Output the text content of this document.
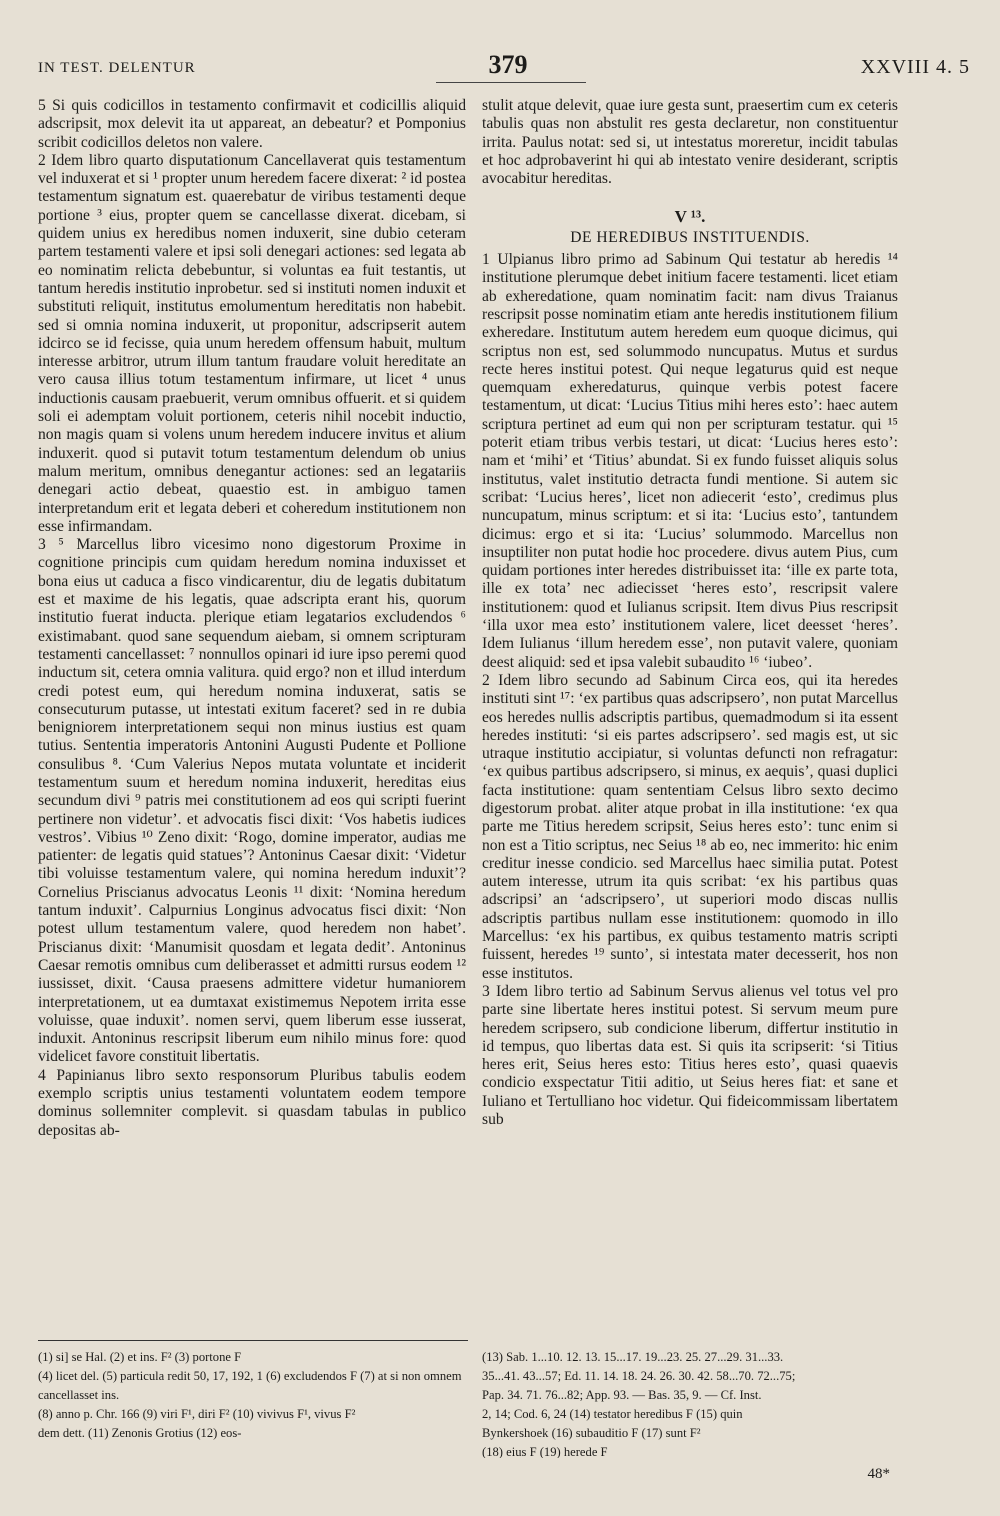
IN TEST. DELENTUR	379	XXVIII 4. 5

5 Si quis codicillos in testamento confirmavit et codicillis aliquid adscripsit, mox delevit ita ut appareat, an debeatur? et Pomponius scribit codicillos deletos non valere.

2 Idem libro quarto disputationum Cancellaverat quis testamentum vel induxerat et si ¹ propter unum heredem facere dixerat: ² id postea testamentum signatum est. quaerebatur de viribus testamenti deque portione ³ eius, propter quem se cancellasse dixerat. dicebam, si quidem unius ex heredibus nomen induxerit, sine dubio ceteram partem testamenti valere et ipsi soli denegari actiones: sed legata ab eo nominatim relicta debebuntur, si voluntas ea fuit testantis, ut tantum heredis institutio inprobetur. sed si instituti nomen induxit et substituti reliquit, institutus emolumentum hereditatis non habebit. sed si omnia nomina induxerit, ut proponitur, adscripserit autem idcirco se id fecisse, quia unum heredem offensum habuit, multum interesse arbitror, utrum illum tantum fraudare voluit hereditate an vero causa illius totum testamentum infirmare, ut licet ⁴ unus inductionis causam praebuerit, verum omnibus offuerit. et si quidem soli ei ademptam voluit portionem, ceteris nihil nocebit inductio, non magis quam si volens unum heredem inducere invitus et alium induxerit. quod si putavit totum testamentum delendum ob unius malum meritum, omnibus denegantur actiones: sed an legatariis denegari actio debeat, quaestio est. in ambiguo tamen interpretandum erit et legata deberi et coheredum institutionem non esse infirmandam.

3 ⁵ Marcellus libro vicesimo nono digestorum Proxime in cognitione principis cum quidam heredum nomina induxisset et bona eius ut caduca a fisco vindicarentur, diu de legatis dubitatum est et maxime de his legatis, quae adscripta erant his, quorum institutio fuerat inducta. plerique etiam legatarios excludendos ⁶ existimabant. quod sane sequendum aiebam, si omnem scripturam testamenti cancellasset: ⁷ nonnullos opinari id iure ipso peremi quod inductum sit, cetera omnia valitura. quid ergo? non et illud interdum credi potest eum, qui heredum nomina induxerat, satis se consecuturum putasse, ut intestati exitum faceret? sed in re dubia benigniorem interpretationem sequi non minus iustius est quam tutius. Sententia imperatoris Antonini Augusti Pudente et Pollione consulibus ⁸. ‘Cum Valerius Nepos mutata voluntate et inciderit testamentum suum et heredum nomina induxerit, hereditas eius secundum divi ⁹ patris mei constitutionem ad eos qui scripti fuerint pertinere non videtur’. et advocatis fisci dixit: ‘Vos habetis iudices vestros’. Vibius ¹⁰ Zeno dixit: ‘Rogo, domine imperator, audias me patienter: de legatis quid statues’? Antoninus Caesar dixit: ‘Videtur tibi voluisse testamentum valere, qui nomina heredum induxit’? Cornelius Priscianus advocatus Leonis ¹¹ dixit: ‘Nomina heredum tantum induxit’. Calpurnius Longinus advocatus fisci dixit: ‘Non potest ullum testamentum valere, quod heredem non habet’. Priscianus dixit: ‘Manumisit quosdam et legata dedit’. Antoninus Caesar remotis omnibus cum deliberasset et admitti rursus eodem ¹² iussisset, dixit. ‘Causa praesens admittere videtur humaniorem interpretationem, ut ea dumtaxat existimemus Nepotem irrita esse voluisse, quae induxit’. nomen servi, quem liberum esse iusserat, induxit. Antoninus rescripsit liberum eum nihilo minus fore: quod videlicet favore constituit libertatis.

4 Papinianus libro sexto responsorum Pluribus tabulis eodem exemplo scriptis unius testamenti voluntatem eodem tempore dominus sollemniter complevit. si quasdam tabulas in publico depositas ab-

stulit atque delevit, quae iure gesta sunt, praesertim cum ex ceteris tabulis quas non abstulit res gesta declaretur, non constituentur irrita. Paulus notat: sed si, ut intestatus moreretur, incidit tabulas et hoc adprobaverint hi qui ab intestato venire desiderant, scriptis avocabitur hereditas.

V ¹³.
DE HEREDIBUS INSTITUENDIS.

1 Ulpianus libro primo ad Sabinum Qui testatur ab heredis ¹⁴ institutione plerumque debet initium facere testamenti. licet etiam ab exheredatione, quam nominatim facit: nam divus Traianus rescripsit posse nominatim etiam ante heredis institutionem filium exheredare. Institutum autem heredem eum quoque dicimus, qui scriptus non est, sed solummodo nuncupatus. Mutus et surdus recte heres institui potest. Qui neque legaturus quid est neque quemquam exheredaturus, quinque verbis potest facere testamentum, ut dicat: ‘Lucius Titius mihi heres esto’: haec autem scriptura pertinet ad eum qui non per scripturam testatur. qui ¹⁵ poterit etiam tribus verbis testari, ut dicat: ‘Lucius heres esto’: nam et ‘mihi’ et ‘Titius’ abundat. Si ex fundo fuisset aliquis solus institutus, valet institutio detracta fundi mentione. Si autem sic scribat: ‘Lucius heres’, licet non adiecerit ‘esto’, credimus plus nuncupatum, minus scriptum: et si ita: ‘Lucius esto’, tantundem dicimus: ergo et si ita: ‘Lucius’ solummodo. Marcellus non insuptiliter non putat hodie hoc procedere. divus autem Pius, cum quidam portiones inter heredes distribuisset ita: ‘ille ex parte tota, ille ex tota’ nec adiecisset ‘heres esto’, rescripsit valere institutionem: quod et Iulianus scripsit. Item divus Pius rescripsit ‘illa uxor mea esto’ institutionem valere, licet deesset ‘heres’. Idem Iulianus ‘illum heredem esse’, non putavit valere, quoniam deest aliquid: sed et ipsa valebit subaudito ¹⁶ ‘iubeo’.

2 Idem libro secundo ad Sabinum Circa eos, qui ita heredes instituti sint ¹⁷: ‘ex partibus quas adscripsero’, non putat Marcellus eos heredes nullis adscriptis partibus, quemadmodum si ita essent heredes instituti: ‘si eis partes adscripsero’. sed magis est, ut sic utraque institutio accipiatur, si voluntas defuncti non refragatur: ‘ex quibus partibus adscripsero, si minus, ex aequis’, quasi duplici facta institutione: quam sententiam Celsus libro sexto decimo digestorum probat. aliter atque probat in illa institutione: ‘ex qua parte me Titius heredem scripsit, Seius heres esto’: tunc enim si non est a Titio scriptus, nec Seius ¹⁸ ab eo, nec immerito: hic enim creditur inesse condicio. sed Marcellus haec similia putat. Potest autem interesse, utrum ita quis scribat: ‘ex his partibus quas adscripsi’ an ‘adscripsero’, ut superiori modo discas nullis adscriptis partibus nullam esse institutionem: quomodo in illo Marcellus: ‘ex his partibus, ex quibus testamento matris scripti fuissent, heredes ¹⁹ sunto’, si intestata mater decesserit, hos non esse institutos.

3 Idem libro tertio ad Sabinum Servus alienus vel totus vel pro parte sine libertate heres institui potest. Si servum meum pure heredem scripsero, sub condicione liberum, differtur institutio in id tempus, quo libertas data est. Si quis ita scripserit: ‘si Titius heres erit, Seius heres esto: Titius heres esto’, quasi quaevis condicio exspectatur Titii aditio, ut Seius heres fiat: et sane et Iuliano et Tertulliano hoc videtur. Qui fideicommissam libertatem sub

(1) si] se Hal. (2) et ins. F² (3) portone F

(4) licet del. (5) particula redit 50, 17, 192, 1 (6) excludendos F (7) at si non omnem cancellasset ins.

(8) anno p. Chr. 166 (9) viri F¹, diri F² (10) vivivus F¹, vivus F²

dem dett. (11) Zenonis Grotius (12) eos-

(13) Sab. 1...10. 12. 13. 15...17. 19...23. 25. 27...29. 31...33.

35...41. 43...57; Ed. 11. 14. 18. 24. 26. 30. 42. 58...70. 72...75;

Pap. 34. 71. 76...82; App. 93. — Bas. 35, 9. — Cf. Inst.

2, 14; Cod. 6, 24 (14) testator heredibus F (15) quin

Bynkershoek (16) subauditio F (17) sunt F²

(18) eius F (19) herede F

48*
